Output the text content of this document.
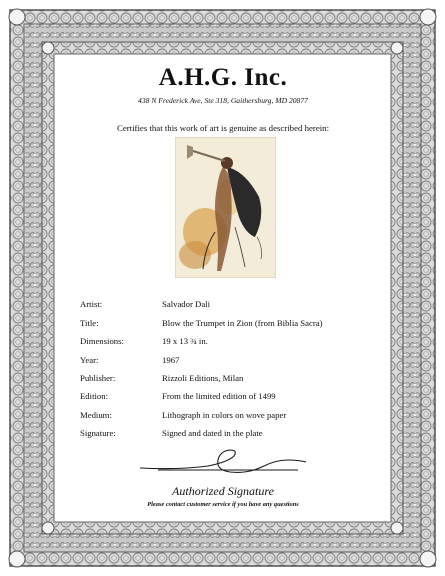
A.H.G. Inc.
438 N Frederick Ave, Ste 318, Gaithersburg, MD 20877
Certifies that this work of art is genuine as described herein:
Artist:	Salvador Dali
Title:	Blow the Trumpet in Zion (from Biblia Sacra)
Dimensions:	19 x 13 ¾ in.
Year:	1967
Publisher:	Rizzoli Editions, Milan
Edition:	From the limited edition of 1499
Medium:	Lithograph in colors on wove paper
Signature:	Signed and dated in the plate
Authorized Signature
Please contact customer service if you have any questions
